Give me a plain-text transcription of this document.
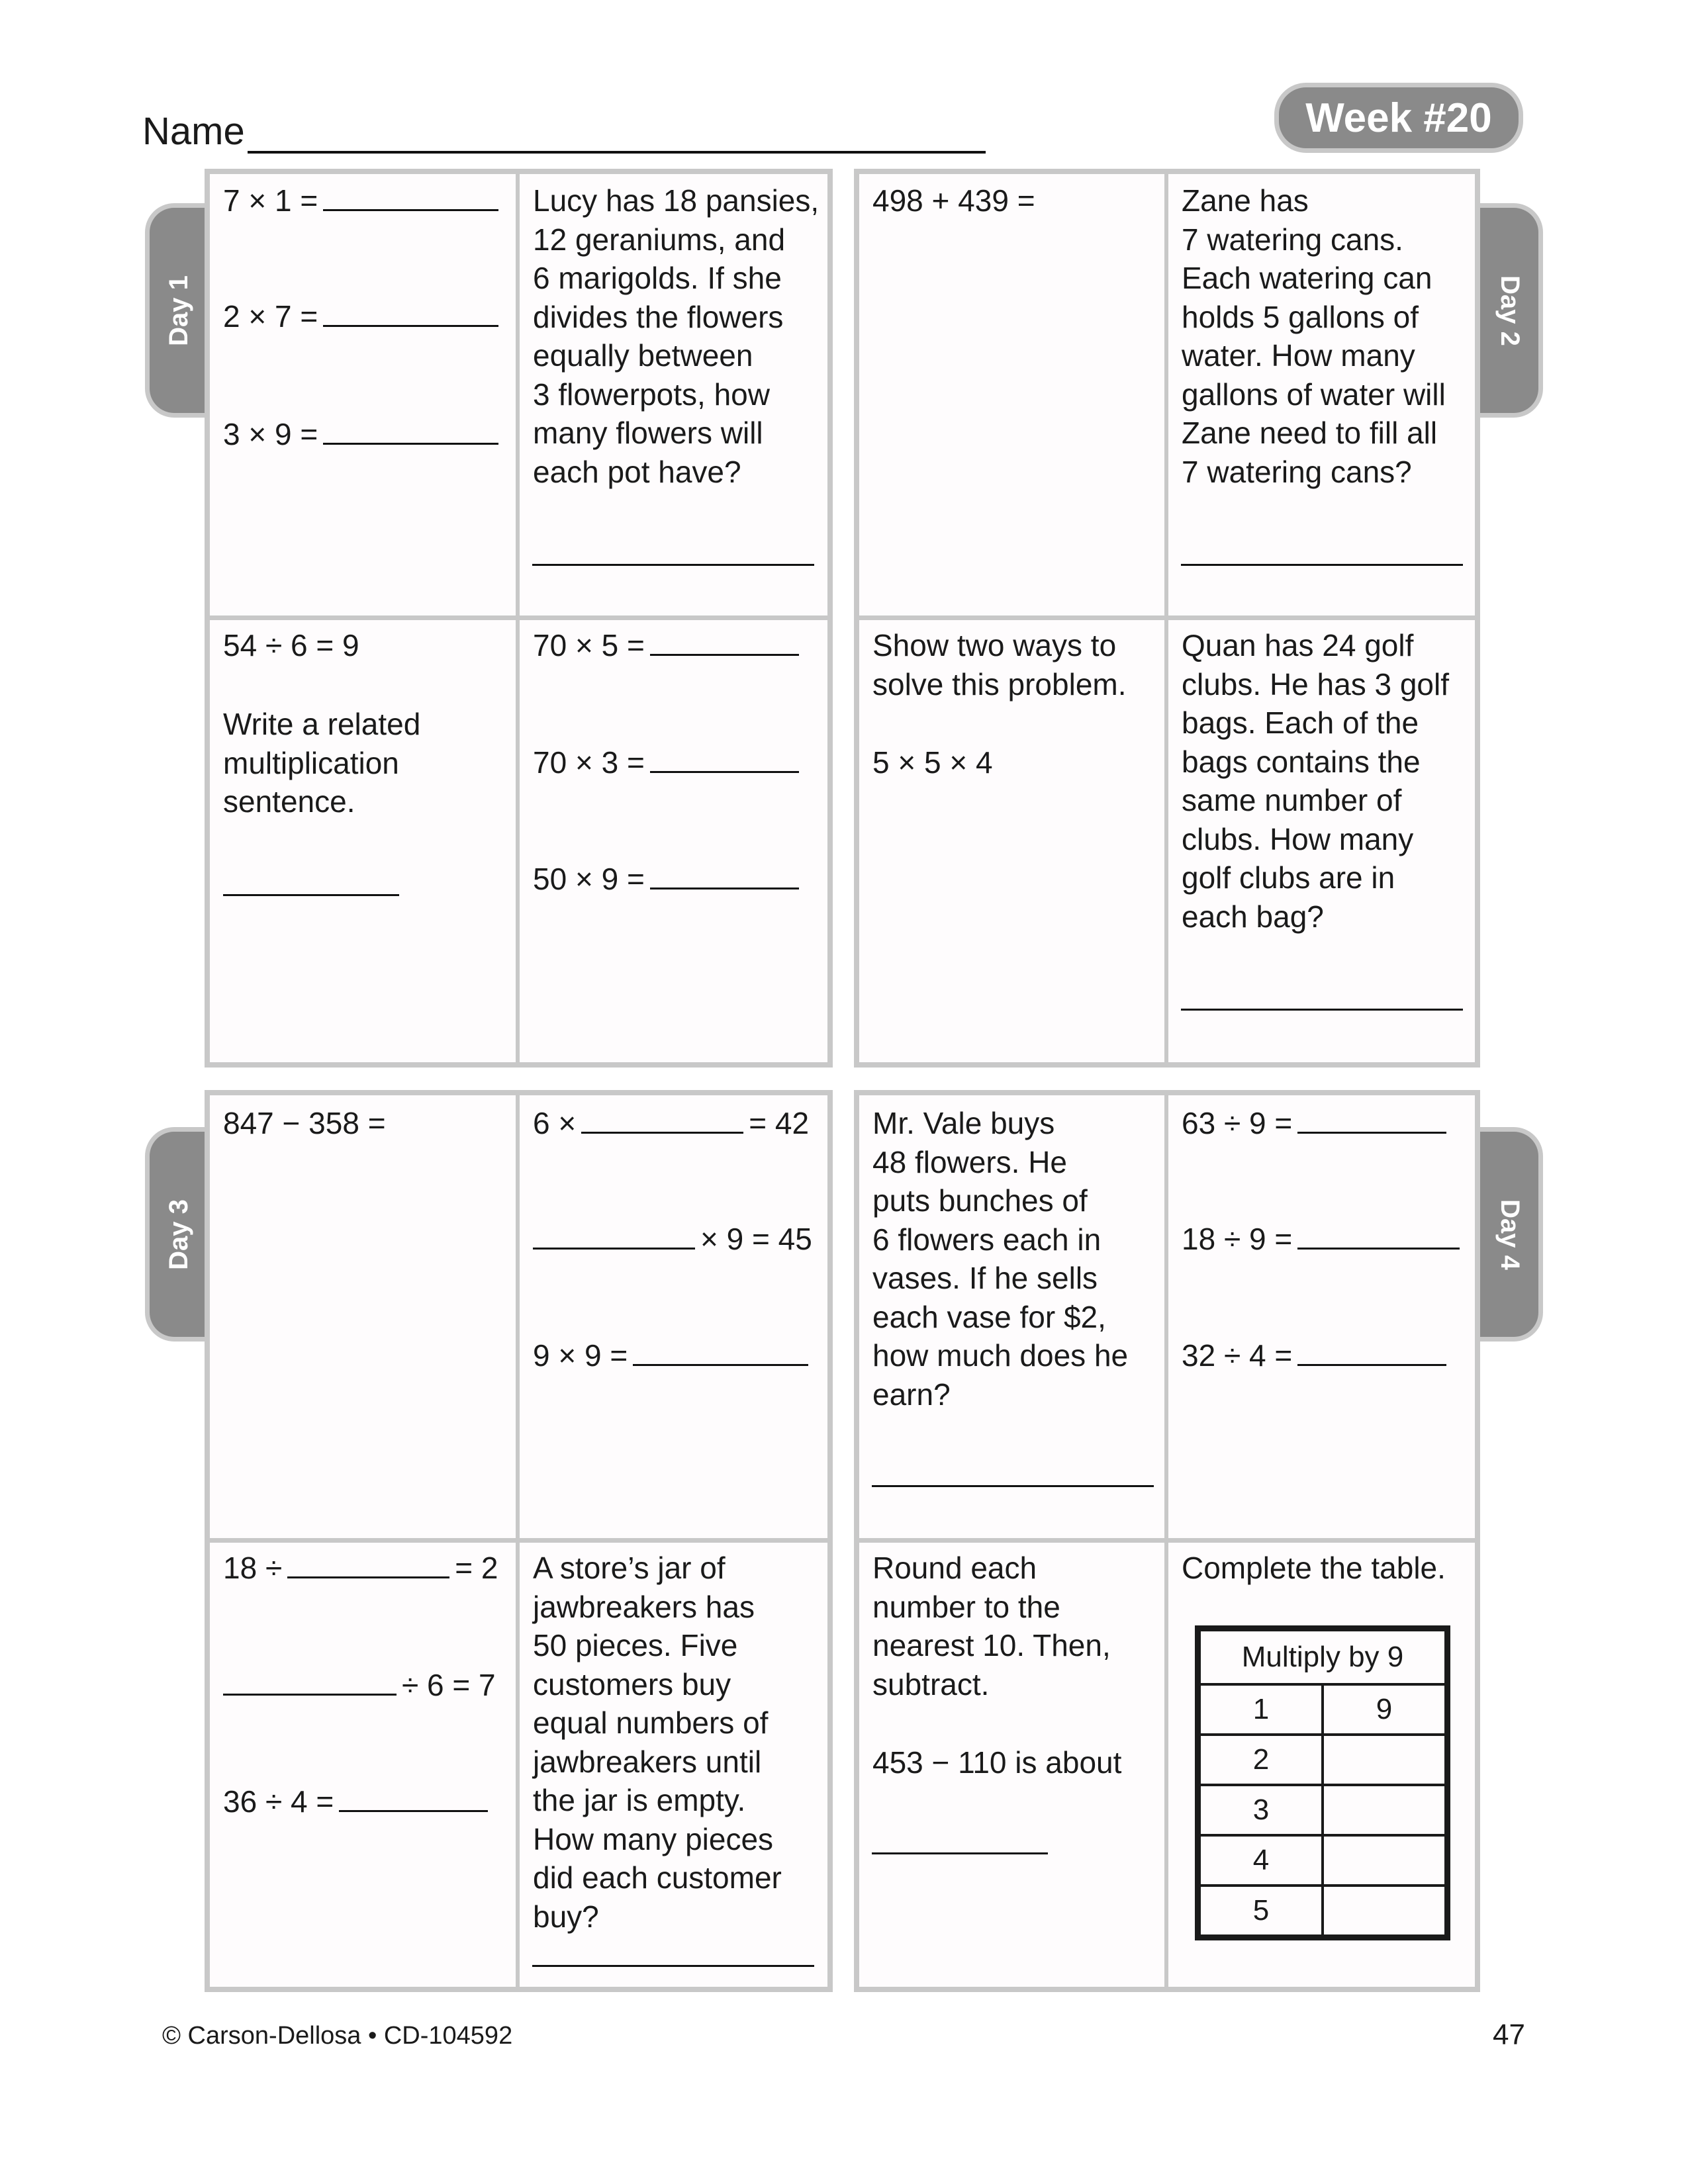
Name	Week #20
Day 1	Day 2
Day 3	Day 4
7 × 1 =
2 × 7 =
3 × 9 =
Lucy has 18 pansies,
12 geraniums, and
6 marigolds. If she
divides the flowers
equally between
3 flowerpots, how
many flowers will
each pot have?
54 ÷ 6 = 9
Write a related
multiplication
sentence.
70 × 5 =
70 × 3 =
50 × 9 =
498 + 439 =	Zane has
7 watering cans.
Each watering can
holds 5 gallons of
water. How many
gallons of water will
Zane need to fill all
7 watering cans?
Show two ways to
solve this problem.
5 × 5 × 4
Quan has 24 golf
clubs. He has 3 golf
bags. Each of the
bags contains the
same number of
clubs. How many
golf clubs are in
each bag?
847 − 358 =	6 ×	= 42
× 9 = 45
9 × 9 =
18 ÷	= 2
÷ 6 = 7
36 ÷ 4 =
A store’s jar of
jawbreakers has
50 pieces. Five
customers buy
equal numbers of
jawbreakers until
the jar is empty.
How many pieces
did each customer
buy?
Mr. Vale buys
48 flowers. He
puts bunches of
6 flowers each in
vases. If he sells
each vase for $2,
how much does he
earn?
63 ÷ 9 =
18 ÷ 9 =
32 ÷ 4 =
Round each
number to the
nearest 10. Then,
subtract.
453 − 110 is about
Complete the table.
Multiply by 9	
1	9
2	
3	
4	
5	
© Carson-Dellosa • CD-104592	47
